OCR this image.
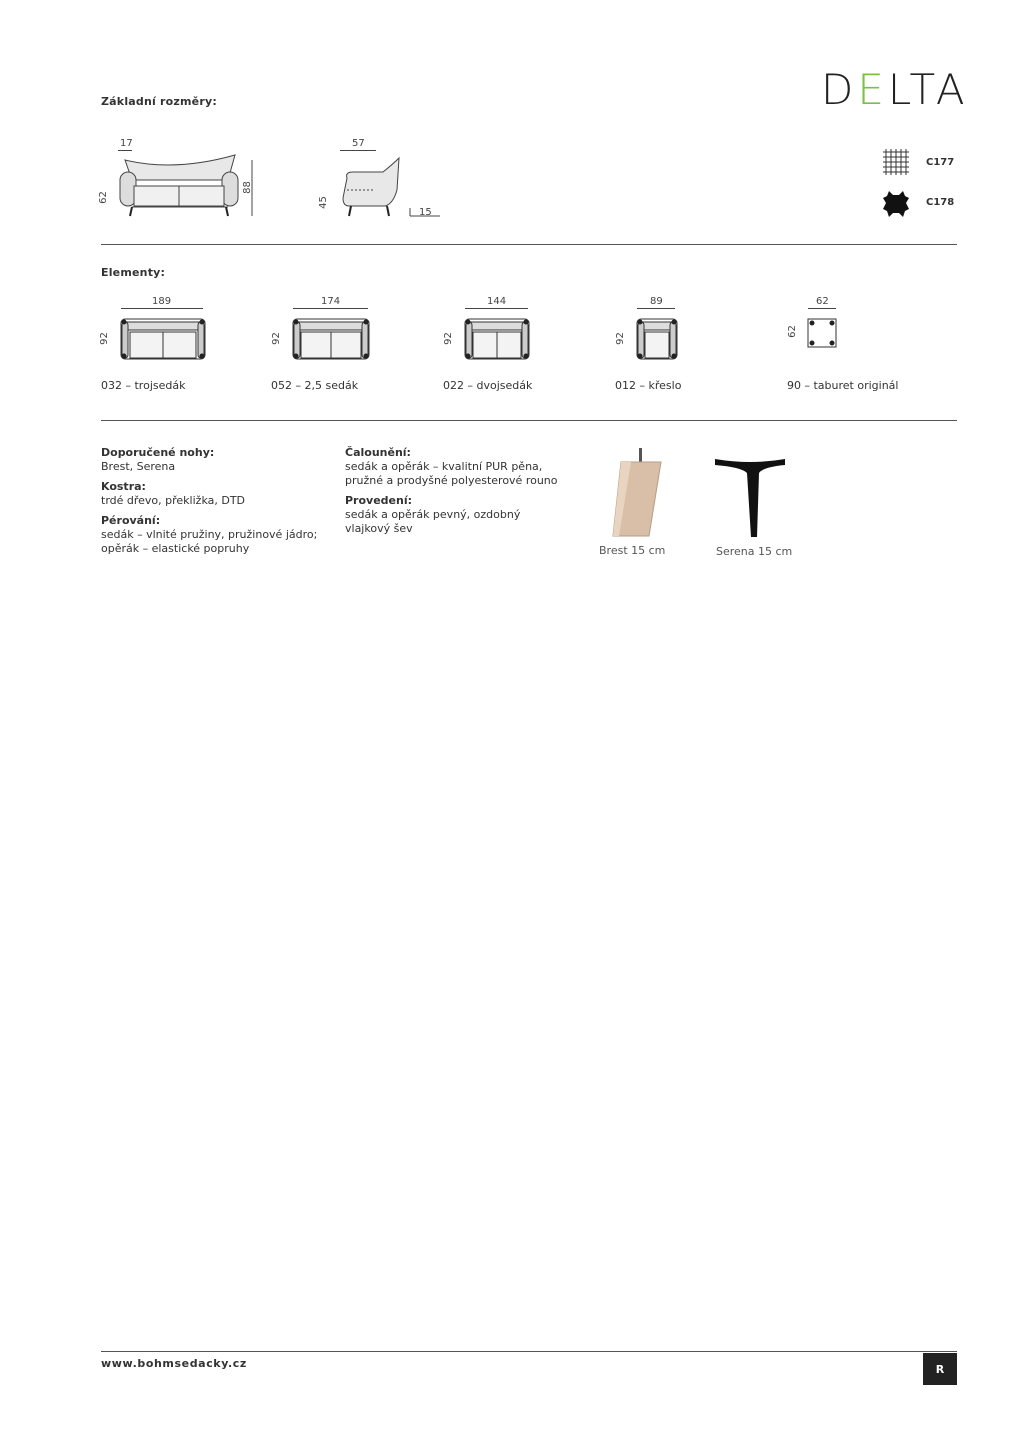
DELTA
Základní rozměry:
17
62
88
57
45
15
C177
C178
Elementy:
189
92
032 – trojsedák
174
92
052 – 2,5 sedák
144
92
022 – dvojsedák
89
92
012 – křeslo
62
62
90 – taburet originál
Doporučené nohy:
Brest, Serena
Kostra:
trdé dřevo, překližka, DTD
Pérování:
sedák – vlnité pružiny, pružinové jádro;
opěrák – elastické popruhy
Čalounění:
sedák a opěrák – kvalitní PUR pěna,
pružné a prodyšné polyesterové rouno
Provedení:
sedák a opěrák pevný, ozdobný
vlajkový šev
Brest 15 cm	Serena 15 cm
www.bohmsedacky.cz	R
